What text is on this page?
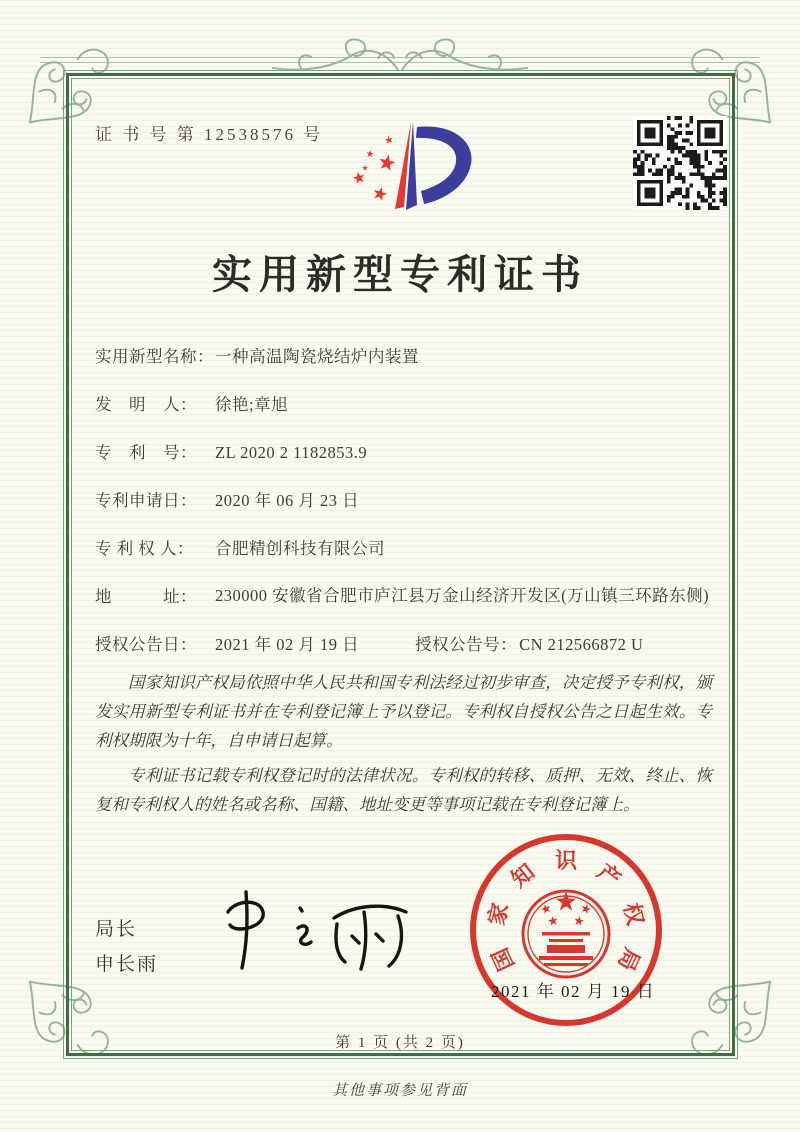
证 书 号 第 12538576 号
实用新型专利证书
实用新型名称： 一种高温陶瓷烧结炉内装置
发　明　人：	徐艳;章旭
专　利　号：	ZL 2020 2 1182853.9
专利申请日：	2020 年 06 月 23 日
专 利 权 人：	合肥精创科技有限公司
地　　　址：	230000 安徽省合肥市庐江县万金山经济开发区(万山镇三环路东侧)
授权公告日：	2021 年 02 月 19 日	授权公告号： CN 212566872 U

国家知识产权局依照中华人民共和国专利法经过初步审查，决定授予专利权，颁发实用新型专利证书并在专利登记簿上予以登记。专利权自授权公告之日起生效。专利权期限为十年，自申请日起算。

专利证书记载专利权登记时的法律状况。专利权的转移、质押、无效、终止、恢复和专利权人的姓名或名称、国籍、地址变更等事项记载在专利登记簿上。

局长
申长雨	国
家
知 识 产
权
局
2021 年 02 月 19 日
第 1 页 (共 2 页)
其他事项参见背面
